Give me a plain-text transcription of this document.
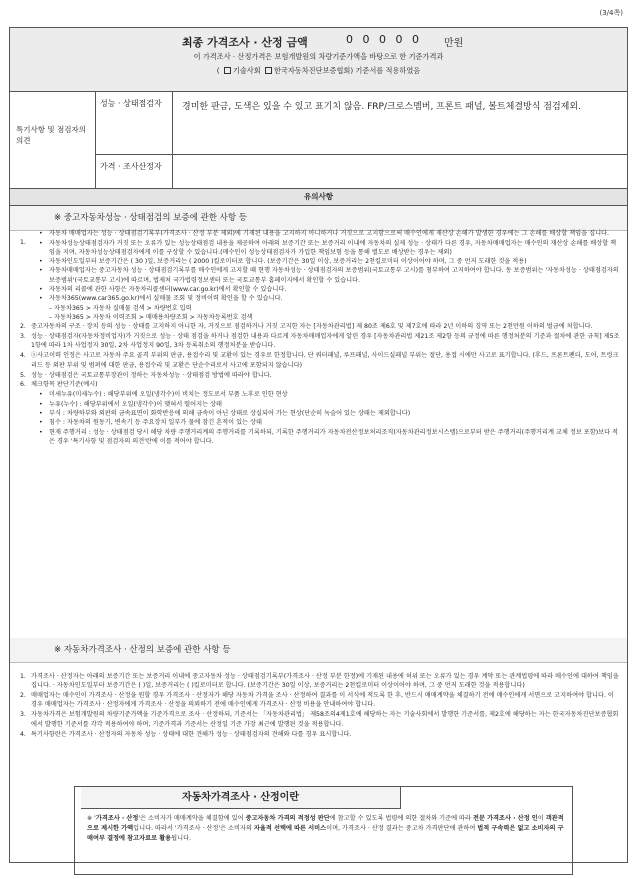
(3/4쪽)
최종 가격조사 · 산정 금액	0 0 0 0 0 만원
이 가격조사 · 산정가격은 보험개발원의 차량기준가액을 바탕으로 한 기준가격과
( 기술사회 한국자동차진단보증협회) 기준서를 적용하였음
특기사항 및 점검자의 의견
성능 · 상태점검자	경미한 판금, 도색은 있을 수 있고 표기치 않음. FRP/크로스멤버, 프론트 패널, 볼트체결방식 점검제외.
가격 · 조사산정자
유의사항
※ 중고자동차성능 · 상태점검의 보증에 관한 사항 등
1.
• 자동차 매매업자는 성능 · 상태점검기록부(가격조사 · 산정 부분 제외)에 기재된 내용을 고지하지 아니하거나 거짓으로 고지함으로써 매수인에게 재산상 손해가 발생한 경우에는 그 손해를 배상할 책임을 집니다.
• 자동차성능상태점검자가 거짓 또는 오류가 있는 성능상태점검 내용을 제공하여 아래의 보증기간 또는 보증거리 이내에 자동차의 실제 성능 · 상태가 다른 경우, 자동차매매업자는 매수인의 재산상 손해를 배상할 책임을 지며, 자동차성능상태점검자에게 이를 구상할 수 있습니다.(매수인이 성능상태점검자가 가입한 책임보험 등을 통해 별도로 배상받는 경우는 제외)
• 자동차인도일부터 보증기간은 ( 30 )일, 보증거리는 ( 2000 )킬로미터로 합니다. (보증기간은 30일 이상, 보증거리는 2천킬로미터 이상이어야 하며, 그 중 먼저 도래한 것을 적용)
• 자동차매매업자는 중고자동차 성능 · 상태점검기록부를 매수인에게 고지할 때 현행 자동차성능 · 상태점검자의 보증범위(국토교통부 고시)를 첨부하여 고지하여야 합니다. 동 보증범위는 '자동차성능 · 상태점검자의 보증범위'(국토교통부 고시)에 따르며, 법제처 국가법령정보센터 또는 국토교통부 홈페이지에서 확인할 수 있습니다.
• 자동차의 리콜에 관한 사항은 자동차리콜센터(www.car.go.kr)에서 확인할 수 있습니다.
• 자동차365(www.car365.go.kr)에서 실매물 조회 및 정비이력 확인을 할 수 있습니다.
– 자동차365 > 자동차 실매물 검색 > 차량번호 입력
– 자동차365 > 자동차 이력조회 > 매매용차량조회 > 자동차등록번호 검색
2. 중고자동차의 구조 · 장치 등의 성능 · 상태를 고지하지 아니한 자, 거짓으로 점검하거나 거짓 고지한 자는 [자동차관리법] 제 80조 제6호 및 제7호에 따라 2년 이하의 징역 또는 2천만원 이하의 벌금에 처합니다.
3. 성능 · 상태점검자(자동차정비업자)가 거짓으로 성능 · 상태 점검을 하거나 점검한 내용과 다르게 자동차매매업자에게 알린 경우 [자동차관리법 제21조 제2항 등의 규정에 따른 행정처분의 기준과 절차에 관한 규칙] 제5조 1항에 따라 1차 사업정지 30일, 2차 사업정지 90일, 3차 등록취소의 행정처분을 받습니다.
4. ⓧ사고이력 인정은 사고로 자동차 주요 골격 부위의 판금, 용접수리 및 교환이 있는 경우로 한정합니다. 단 쿼터패널, 루프패널, 사이드실패널 부위는 절단, 용접 시에만 사고로 표기합니다. (후드, 프론트펜더, 도어, 트렁크리드 등 외판 부위 및 범퍼에 대한 판금, 용접수리 및 교환은 단순수리로서 사고에 포함되지 않습니다)
5. 성능 · 상태점검은 국토교통부장관이 정하는 자동차성능 · 상태점검 방법에 따라야 합니다.
6. 체크항목 판단기준(예시)
• 미세누유(미세누수) : 해당부위에 오일(냉각수)이 비치는 정도로서 부품 노후로 인한 현상
• 누유(누수) : 해당부위에서 오일(냉각수)이 맺혀서 떨어지는 상태
• 부식 : 차량하부와 외판의 금속표면이 화학반응에 의해 금속이 아닌 상태로 상실되어 가는 현상(단순히 녹슬어 있는 상태는 제외합니다)
• 침수 : 자동차의 원동기, 변속기 등 주요장치 일부가 물에 잠긴 흔적이 있는 상태
• 현재 주행거리 : 성능 · 상태점검 당시 해당 차량 주행거리계의 주행거리를 기록하되, 기록한 주행거리가 자동차전산정보처리조직(자동차관리정보시스템)으로부터 받은 주행거리(주행거리계 교체 정보 포함)보다 적은 경우 '특기사항 및 점검자의 의견'란에 이를 적어야 합니다.
※ 자동차가격조사 · 산정의 보증에 관한 사항 등
1. 가격조사 · 산정자는 아래의 보증기간 또는 보증거리 이내에 중고자동차 성능 · 상태점검기록부(가격조사 · 산정 부분 한정)에 기재된 내용에 허위 또는 오류가 있는 경우 계약 또는 관계법령에 따라 매수인에 대하여 책임을 집니다. · 자동차인도일부터 보증기간은 ( )일, 보증거리는 ( )킬로미터로 합니다. (보증기간은 30일 이상, 보증거리는 2천킬로미터 이상이어야 하며, 그 중 먼저 도래한 것을 적용합니다)
2. 매매업자는 매수인이 가격조사 · 산정을 원할 경우 가격조사 · 산정자가 해당 자동차 가격을 조사 · 산정하여 결과를 이 서식에 적도록 한 후, 반드시 매매계약을 체결하기 전에 매수인에게 서면으로 고지하여야 합니다. 이 경우 매매업자는 가격조사 · 산정자에게 가격조사 · 산정을 의뢰하기 전에 매수인에게 가격조사 · 산정 비용을 안내하여야 합니다.
3. 자동차가격은 보험개발원의 차량기준가액을 기준가격으로 조사 · 산정하되, 기준서는 「자동차관리법」 제58조의4제1호에 해당하는 자는 기술사회에서 발행한 기준서를, 제2호에 해당하는 자는 한국자동차진단보증협회에서 발행한 기준서를 각각 적용하여야 하며, 기준가격과 기준서는 산정일 기준 가장 최근에 발행된 것을 적용합니다.
4. 특기사항란은 가격조사 · 산정자의 자동차 성능 · 상태에 대한 견해가 성능 · 상태점검자의 견해와 다를 경우 표시합니다.
자동차가격조사 · 산정이란
※ '가격조사 · 산정'은 소비자가 매매계약을 체결함에 있어 중고자동차 가격의 적정성 판단에 참고할 수 있도록 법령에 의한 절차와 기준에 따라 전문 가격조사 · 산정 인이 객관적으로 제시한 가액입니다. 따라서 '가격조사 · 산정'은 소비자의 자율적 선택에 따른 서비스이며, 가격조사 · 산정 결과는 중고차 가격판단에 관하여 법적 구속력은 없고 소비자의 구매여부 결정에 참고자료로 활용됩니다.
